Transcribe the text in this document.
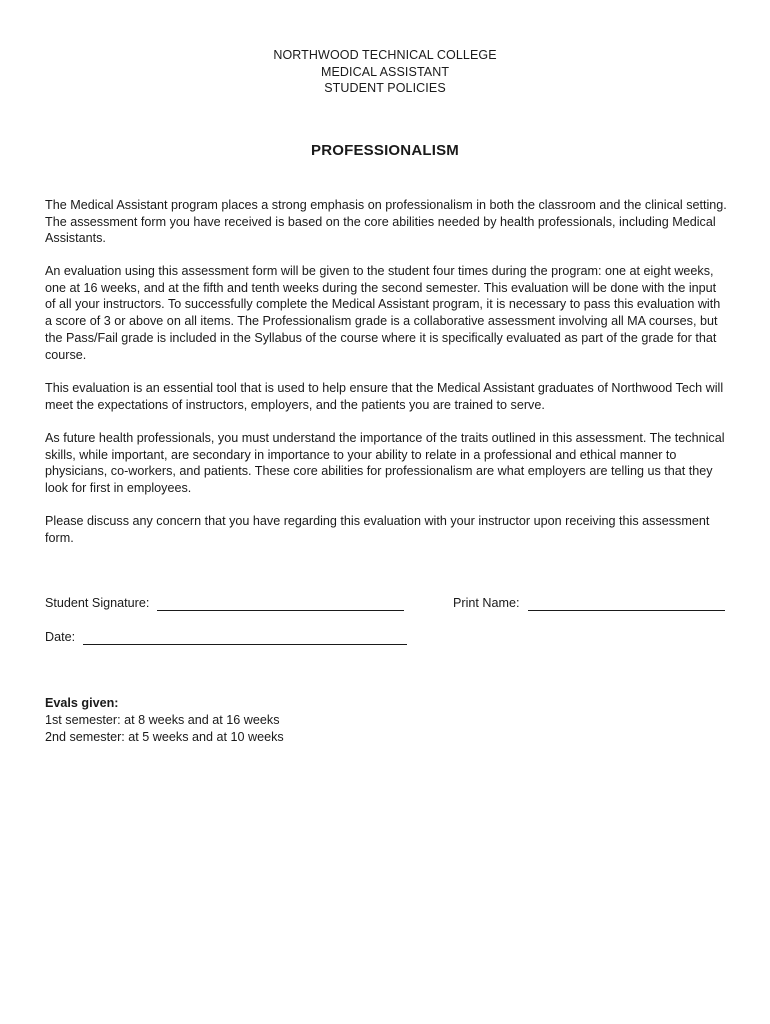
NORTHWOOD TECHNICAL COLLEGE
MEDICAL ASSISTANT
STUDENT POLICIES
PROFESSIONALISM

The Medical Assistant program places a strong emphasis on professionalism in both the classroom and the clinical setting. The assessment form you have received is based on the core abilities needed by health professionals, including Medical Assistants.

An evaluation using this assessment form will be given to the student four times during the program: one at eight weeks, one at 16 weeks, and at the fifth and tenth weeks during the second semester. This evaluation will be done with the input of all your instructors. To successfully complete the Medical Assistant program, it is necessary to pass this evaluation with a score of 3 or above on all items. The Professionalism grade is a collaborative assessment involving all MA courses, but the Pass/Fail grade is included in the Syllabus of the course where it is specifically evaluated as part of the grade for that course.

This evaluation is an essential tool that is used to help ensure that the Medical Assistant graduates of Northwood Tech will meet the expectations of instructors, employers, and the patients you are trained to serve.

As future health professionals, you must understand the importance of the traits outlined in this assessment. The technical skills, while important, are secondary in importance to your ability to relate in a professional and ethical manner to physicians, co-workers, and patients. These core abilities for professionalism are what employers are telling us that they look for first in employees.

Please discuss any concern that you have regarding this evaluation with your instructor upon receiving this assessment form.

Student Signature:	Print Name:
Date:
Evals given:
1st semester: at 8 weeks and at 16 weeks
2nd semester: at 5 weeks and at 10 weeks
